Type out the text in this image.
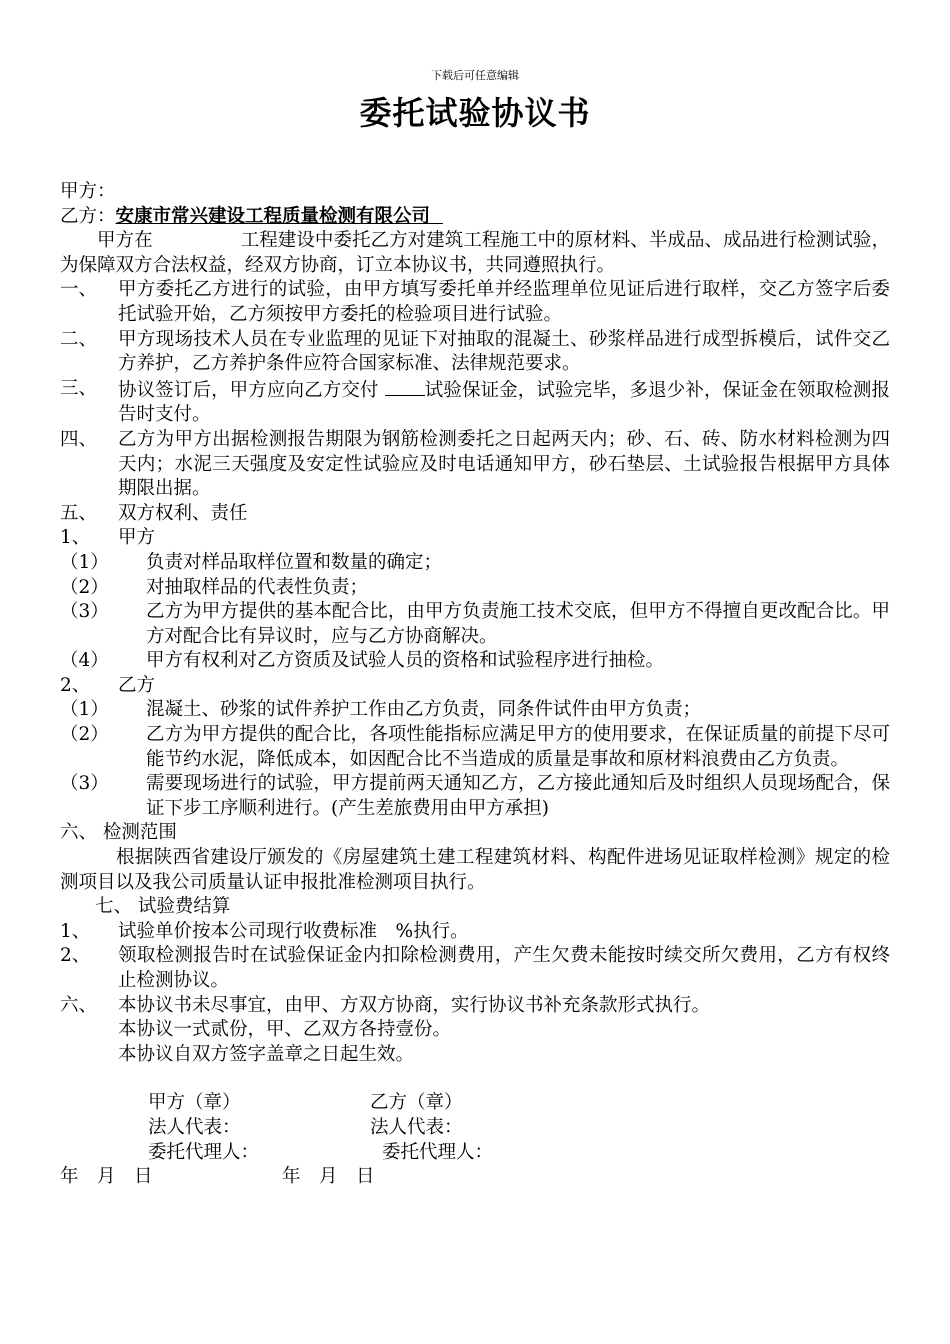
下载后可任意编辑
委托试验协议书
甲方：
乙方：安康市常兴建设工程质量检测有限公司
甲方在	工程建设中委托乙方对建筑工程施工中的原材料、半成品、成品进行检测试验，为保障双方合法权益，经双方协商，订立本协议书，共同遵照执行。
一、	甲方委托乙方进行的试验，由甲方填写委托单并经监理单位见证后进行取样，交乙方签字后委托试验开始，乙方须按甲方委托的检验项目进行试验。
二、	甲方现场技术人员在专业监理的见证下对抽取的混凝土、砂浆样品进行成型拆模后，试件交乙方养护，乙方养护条件应符合国家标准、法律规范要求。
三、	协议签订后，甲方应向乙方交付 试验保证金，试验完毕，多退少补，保证金在领取检测报告时支付。
四、	乙方为甲方出据检测报告期限为钢筋检测委托之日起两天内；砂、石、砖、防水材料检测为四天内；水泥三天强度及安定性试验应及时电话通知甲方，砂石垫层、土试验报告根据甲方具体期限出据。
五、	双方权利、责任
1、	甲方
（1）	负责对样品取样位置和数量的确定；
（2）	对抽取样品的代表性负责；
（3）	乙方为甲方提供的基本配合比，由甲方负责施工技术交底，但甲方不得擅自更改配合比。甲方对配合比有异议时，应与乙方协商解决。
（4）	甲方有权利对乙方资质及试验人员的资格和试验程序进行抽检。
2、	乙方
（1）	混凝土、砂浆的试件养护工作由乙方负责，同条件试件由甲方负责；
（2）	乙方为甲方提供的配合比，各项性能指标应满足甲方的使用要求，在保证质量的前提下尽可能节约水泥，降低成本，如因配合比不当造成的质量是事故和原材料浪费由乙方负责。
（3）	需要现场进行的试验，甲方提前两天通知乙方，乙方接此通知后及时组织人员现场配合，保证下步工序顺利进行。(产生差旅费用由甲方承担)
六、 检测范围
根据陕西省建设厅颁发的《房屋建筑土建工程建筑材料、构配件进场见证取样检测》规定的检测项目以及我公司质量认证申报批准检测项目执行。
七、 试验费结算
1、	试验单价按本公司现行收费标准　%执行。
2、	领取检测报告时在试验保证金内扣除检测费用，产生欠费未能按时续交所欠费用，乙方有权终止检测协议。
六、	本协议书未尽事宜，由甲、方双方协商，实行协议书补充条款形式执行。
本协议一式贰份，甲、乙双方各持壹份。
本协议自双方签字盖章之日起生效。
甲方（章）	乙方（章）
法人代表：	法人代表：
委托代理人：	委托代理人：
年　月　日	年　月　日
